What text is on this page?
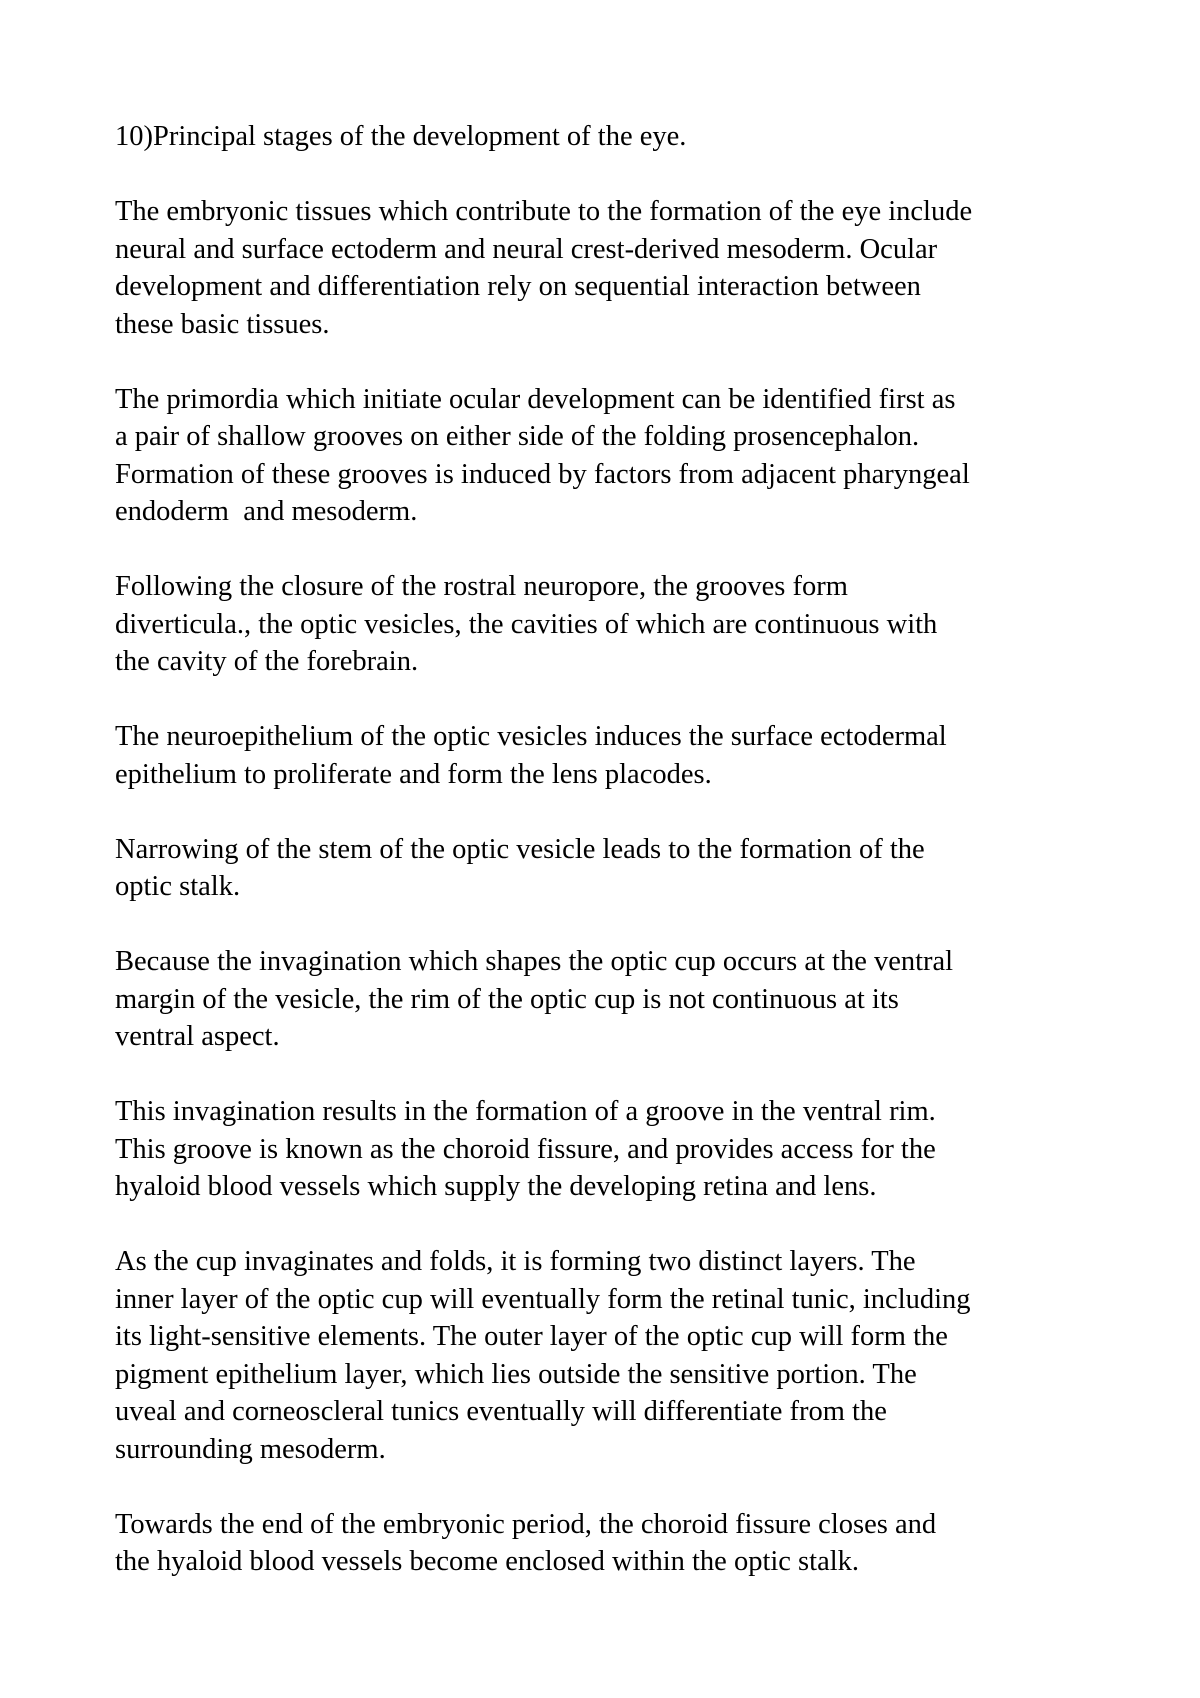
10)Principal stages of the development of the eye.

The embryonic tissues which contribute to the formation of the eye include
neural and surface ectoderm and neural crest-derived mesoderm. Ocular
development and differentiation rely on sequential interaction between
these basic tissues.

The primordia which initiate ocular development can be identified first as
a pair of shallow grooves on either side of the folding prosencephalon.
Formation of these grooves is induced by factors from adjacent pharyngeal
endoderm  and mesoderm.

Following the closure of the rostral neuropore, the grooves form
diverticula., the optic vesicles, the cavities of which are continuous with
the cavity of the forebrain.

The neuroepithelium of the optic vesicles induces the surface ectodermal
epithelium to proliferate and form the lens placodes.

Narrowing of the stem of the optic vesicle leads to the formation of the
optic stalk.

Because the invagination which shapes the optic cup occurs at the ventral
margin of the vesicle, the rim of the optic cup is not continuous at its
ventral aspect.

This invagination results in the formation of a groove in the ventral rim.
This groove is known as the choroid fissure, and provides access for the
hyaloid blood vessels which supply the developing retina and lens.

As the cup invaginates and folds, it is forming two distinct layers. The
inner layer of the optic cup will eventually form the retinal tunic, including
its light-sensitive elements. The outer layer of the optic cup will form the
pigment epithelium layer, which lies outside the sensitive portion. The
uveal and corneoscleral tunics eventually will differentiate from the
surrounding mesoderm.

Towards the end of the embryonic period, the choroid fissure closes and
the hyaloid blood vessels become enclosed within the optic stalk.
